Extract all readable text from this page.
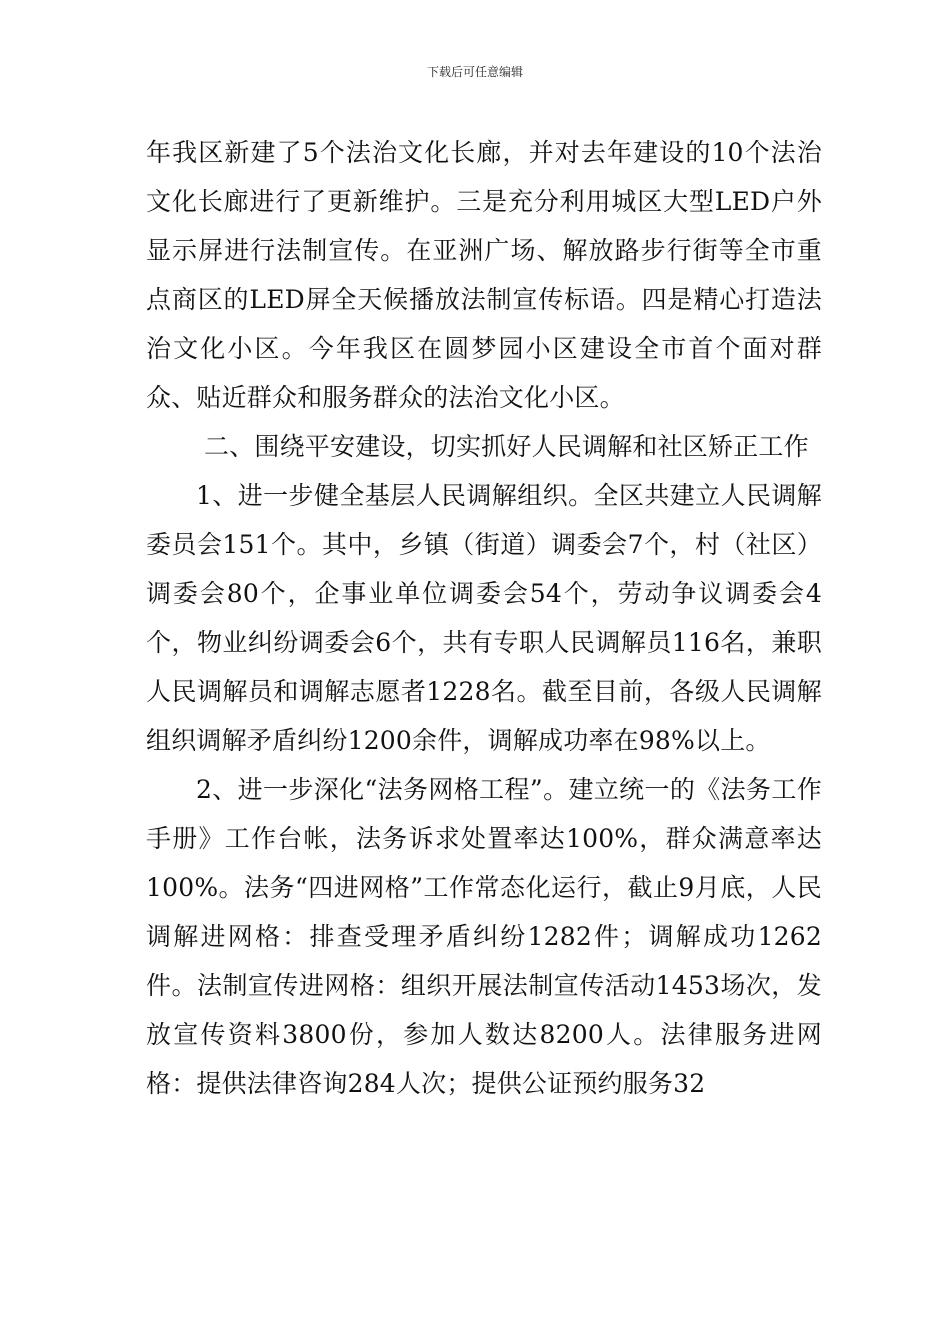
下载后可任意编辑

年我区新建了5个法治文化长廊，并对去年建设的10个法治文化长廊进行了更新维护。三是充分利用城区大型LED户外显示屏进行法制宣传。在亚洲广场、解放路步行街等全市重点商区的LED屏全天候播放法制宣传标语。四是精心打造法治文化小区。今年我区在圆梦园小区建设全市首个面对群众、贴近群众和服务群众的法治文化小区。

二、围绕平安建设，切实抓好人民调解和社区矫正工作

1、进一步健全基层人民调解组织。全区共建立人民调解委员会151个。其中，乡镇（街道）调委会7个，村（社区）调委会80个，企事业单位调委会54个，劳动争议调委会4个，物业纠纷调委会6个，共有专职人民调解员116名，兼职人民调解员和调解志愿者1228名。截至目前，各级人民调解组织调解矛盾纠纷1200余件，调解成功率在98%以上。

2、进一步深化“法务网格工程”。建立统一的《法务工作手册》工作台帐，法务诉求处置率达100%，群众满意率达100%。法务“四进网格”工作常态化运行，截止9月底，人民调解进网格：排查受理矛盾纠纷1282件；调解成功1262件。法制宣传进网格：组织开展法制宣传活动1453场次，发放宣传资料3800份，参加人数达8200人。法律服务进网格：提供法律咨询284人次；提供公证预约服务32
